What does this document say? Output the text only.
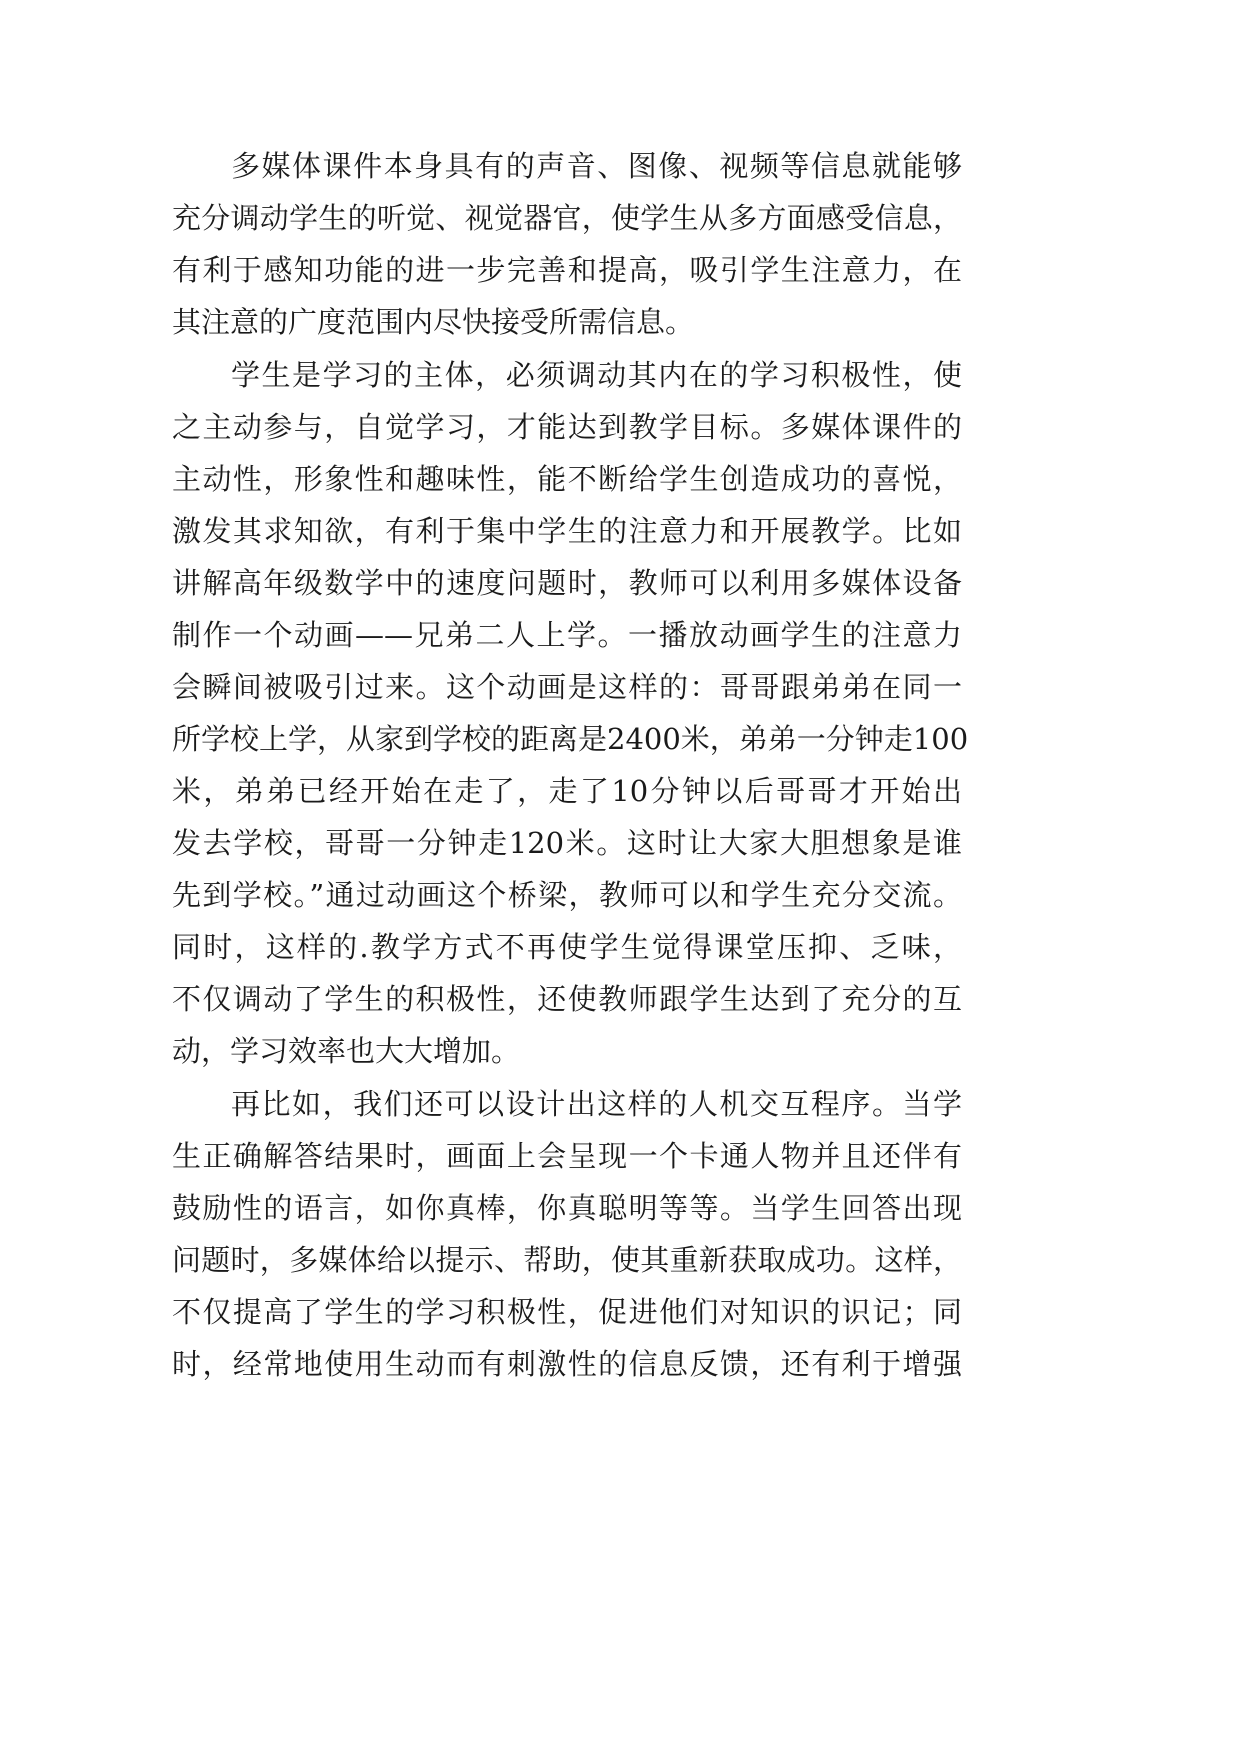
多媒体课件本身具有的声音、图像、视频等信息就能够
充分调动学生的听觉、视觉器官，使学生从多方面感受信息，
有利于感知功能的进一步完善和提高，吸引学生注意力，在
其注意的广度范围内尽快接受所需信息。
学生是学习的主体，必须调动其内在的学习积极性，使
之主动参与，自觉学习，才能达到教学目标。多媒体课件的
主动性，形象性和趣味性，能不断给学生创造成功的喜悦，
激发其求知欲，有利于集中学生的注意力和开展教学。比如
讲解高年级数学中的速度问题时，教师可以利用多媒体设备
制作一个动画——兄弟二人上学。一播放动画学生的注意力
会瞬间被吸引过来。这个动画是这样的：哥哥跟弟弟在同一
所学校上学，从家到学校的距离是2400米，弟弟一分钟走100
米，弟弟已经开始在走了，走了10分钟以后哥哥才开始出
发去学校，哥哥一分钟走120米。这时让大家大胆想象是谁
先到学校。”通过动画这个桥梁，教师可以和学生充分交流。
同时，这样的.教学方式不再使学生觉得课堂压抑、乏味，
不仅调动了学生的积极性，还使教师跟学生达到了充分的互
动，学习效率也大大增加。
再比如，我们还可以设计出这样的人机交互程序。当学
生正确解答结果时，画面上会呈现一个卡通人物并且还伴有
鼓励性的语言，如你真棒，你真聪明等等。当学生回答出现
问题时，多媒体给以提示、帮助，使其重新获取成功。这样，
不仅提高了学生的学习积极性，促进他们对知识的识记；同
时，经常地使用生动而有刺激性的信息反馈，还有利于增强
